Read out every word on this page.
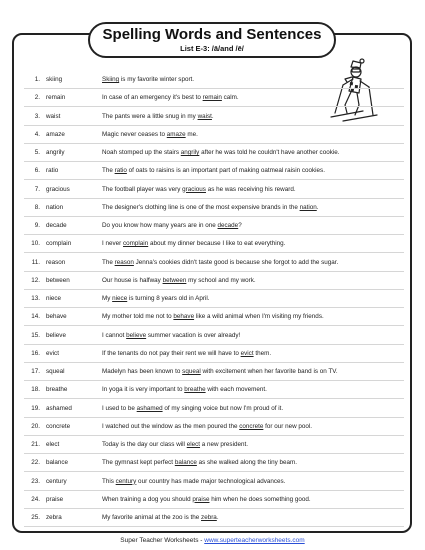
Spelling Words and Sentences
List E-3: /ā/and /ē/
1. skiing	Skiing is my favorite winter sport.
2. remain	In case of an emergency it's best to remain calm.
3. waist	The pants were a little snug in my waist.
4. amaze	Magic never ceases to amaze me.
5. angrily	Noah stomped up the stairs angrily after he was told he couldn't have another cookie.
6. ratio	The ratio of oats to raisins is an important part of making oatmeal raisin cookies.
7. gracious	The football player was very gracious as he was receiving his reward.
8. nation	The designer's clothing line is one of the most expensive brands in the nation.
9. decade	Do you know how many years are in one decade?
10. complain	I never complain about my dinner because I like to eat everything.
11. reason	The reason Jenna's cookies didn't taste good is because she forgot to add the sugar.
12. between	Our house is halfway between my school and my work.
13. niece	My niece is turning 8 years old in April.
14. behave	My mother told me not to behave like a wild animal when I'm visiting my friends.
15. believe	I cannot believe summer vacation is over already!
16. evict	If the tenants do not pay their rent we will have to evict them.
17. squeal	Madelyn has been known to squeal with excitement when her favorite band is on TV.
18. breathe	In yoga it is very important to breathe with each movement.
19. ashamed	I used to be ashamed of my singing voice but now I'm proud of it.
20. concrete	I watched out the window as the men poured the concrete for our new pool.
21. elect	Today is the day our class will elect a new president.
22. balance	The gymnast kept perfect balance as she walked along the tiny beam.
23. century	This century our country has made major technological advances.
24. praise	When training a dog you should praise him when he does something good.
25. zebra	My favorite animal at the zoo is the zebra.
Super Teacher Worksheets - www.superteacherworksheets.com
